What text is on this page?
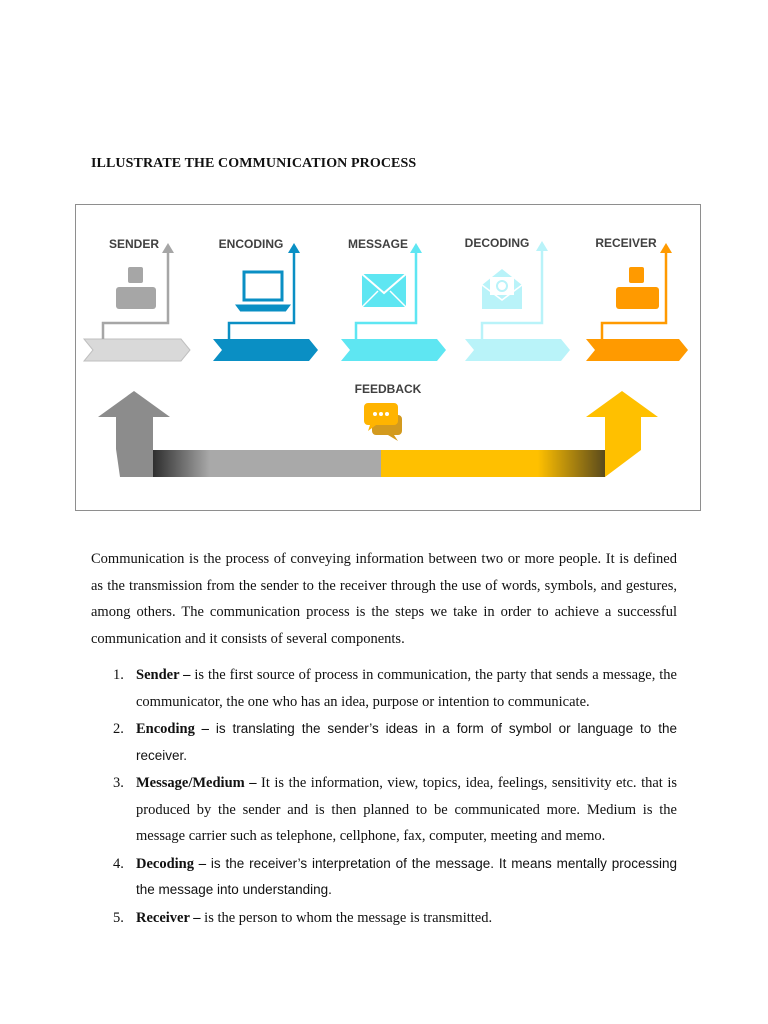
ILLUSTRATE THE COMMUNICATION PROCESS
SENDER	ENCODING	MESSAGE	DECODING	RECEIVER
FEEDBACK
Communication is the process of conveying information between two or more people. It is defined as the transmission from the sender to the receiver through the use of words, symbols, and gestures, among others. The communication process is the steps we take in order to achieve a successful communication and it consists of several components.
1. Sender – is the first source of process in communication, the party that sends a message, the communicator, the one who has an idea, purpose or intention to communicate.
2. Encoding – is translating the sender’s ideas in a form of symbol or language to the receiver.
3. Message/Medium – It is the information, view, topics, idea, feelings, sensitivity etc. that is produced by the sender and is then planned to be communicated more. Medium is the message carrier such as telephone, cellphone, fax, computer, meeting and memo.
4. Decoding – is the receiver’s interpretation of the message. It means mentally processing the message into understanding.
5. Receiver – is the person to whom the message is transmitted.
